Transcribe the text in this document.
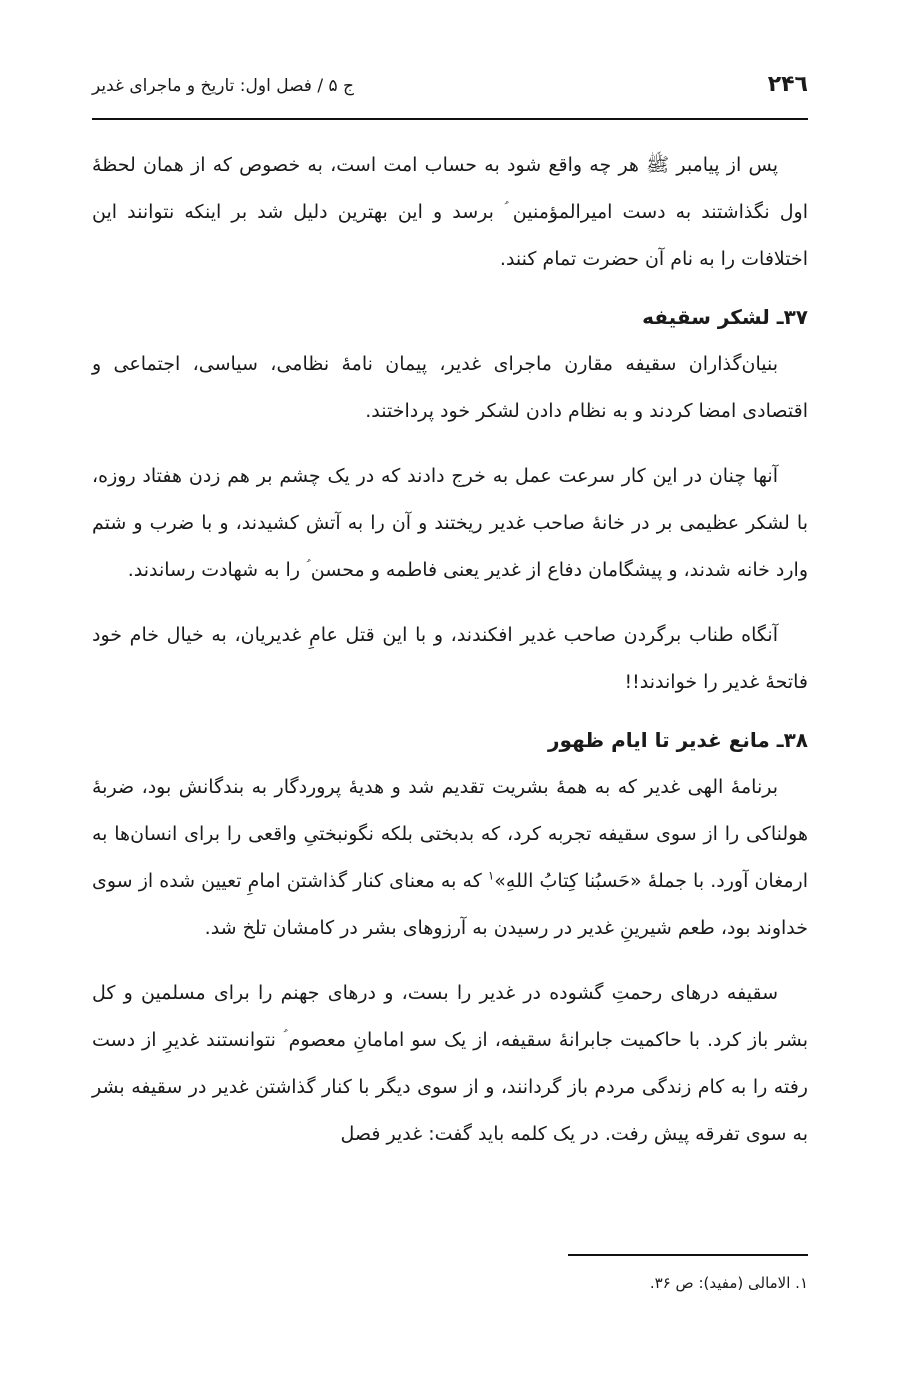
۲۴٦
ج ۵ / فصل اول: تاریخ و ماجرای غدیر

پس از پیامبر ﷺ هر چه واقع شود به حساب امت است، به خصوص که از همان لحظهٔ اول نگذاشتند به دست امیرالمؤمنین ؑ برسد و این بهترین دلیل شد بر اینکه نتوانند این اختلافات را به نام آن حضرت تمام کنند.

۳۷ـ لشکر سقیفه

بنیان‌گذاران سقیفه مقارن ماجرای غدیر، پیمان نامهٔ نظامی، سیاسی، اجتماعی و اقتصادی امضا کردند و به نظام دادن لشکر خود پرداختند.

آنها چنان در این کار سرعت عمل به خرج دادند که در یک چشم بر هم زدن هفتاد روزه، با لشکر عظیمی بر در خانهٔ صاحب غدیر ریختند و آن را به آتش کشیدند، و با ضرب و شتم وارد خانه شدند، و پیشگامان دفاع از غدیر یعنی فاطمه و محسن ؑ را به شهادت رساندند.

آنگاه طناب برگردن صاحب غدیر افکندند، و با این قتل عامِ غدیریان، به خیال خام خود فاتحهٔ غدیر را خواندند!!

۳۸ـ مانع غدیر تا ایام ظهور

برنامهٔ الهی غدیر که به همهٔ بشریت تقدیم شد و هدیهٔ پروردگار به بندگانش بود، ضربهٔ هولناکی را از سوی سقیفه تجربه کرد، که بدبختی بلکه نگونبختیِ واقعی را برای انسان‌ها به ارمغان آورد. با جملهٔ «حَسبُنا کِتابُ اللهِ»$^۱$ که به معنای کنار گذاشتن امامِ تعیین شده از سوی خداوند بود، طعم شیرینِ غدیر در رسیدن به آرزوهای بشر در کامشان تلخ شد.

سقیفه درهای رحمتِ گشوده در غدیر را بست، و درهای جهنم را برای مسلمین و کل بشر باز کرد. با حاکمیت جابرانهٔ سقیفه، از یک سو امامانِ معصوم ؑ نتوانستند غدیرِ از دست رفته را به کام زندگی مردم باز گردانند، و از سوی دیگر با کنار گذاشتن غدیر در سقیفه بشر به سوی تفرقه پیش رفت. در یک کلمه باید گفت: غدیر فصل

۱. الامالی (مفید): ص ۳۶.
